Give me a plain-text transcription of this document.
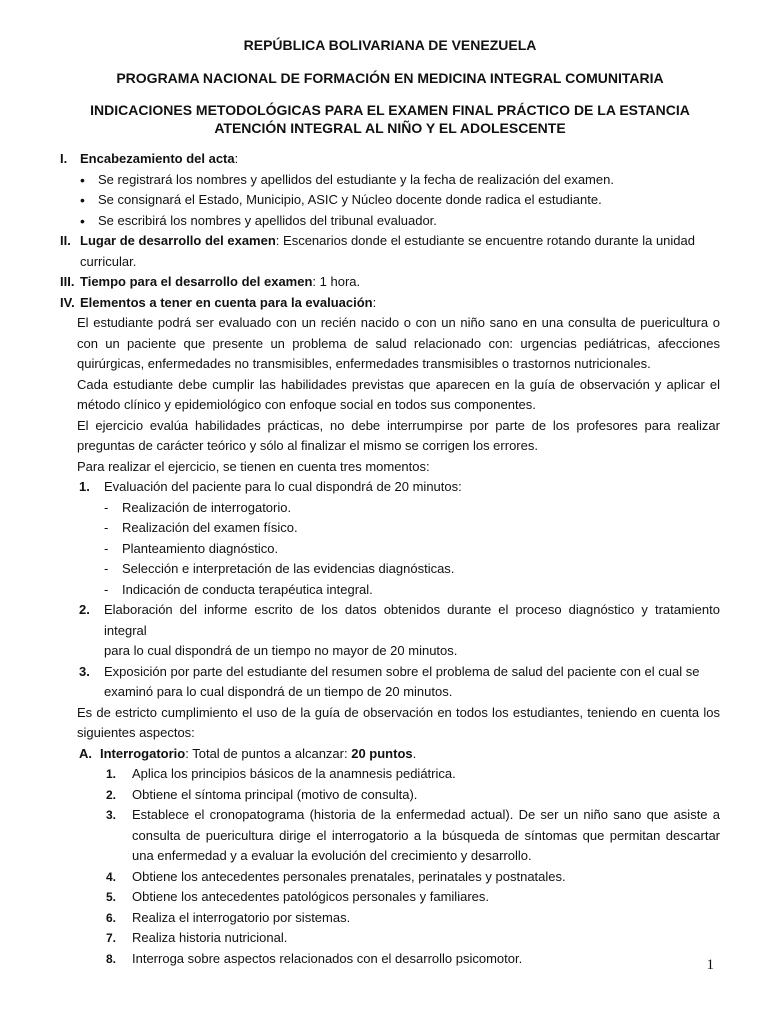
REPÚBLICA BOLIVARIANA DE VENEZUELA

PROGRAMA NACIONAL DE FORMACIÓN EN MEDICINA INTEGRAL COMUNITARIA

INDICACIONES METODOLÓGICAS PARA EL EXAMEN FINAL PRÁCTICO DE LA ESTANCIA

ATENCIÓN INTEGRAL AL NIÑO Y EL ADOLESCENTE

I. Encabezamiento del acta:
• Se registrará los nombres y apellidos del estudiante y la fecha de realización del examen.
• Se consignará el Estado, Municipio, ASIC y Núcleo docente donde radica el estudiante.
• Se escribirá los nombres y apellidos del tribunal evaluador.
II. Lugar de desarrollo del examen: Escenarios donde el estudiante se encuentre rotando durante la unidad curricular.
III. Tiempo para el desarrollo del examen: 1 hora.
IV. Elementos a tener en cuenta para la evaluación:
El estudiante podrá ser evaluado con un recién nacido o con un niño sano en una consulta de puericultura o con un paciente que presente un problema de salud relacionado con: urgencias pediátricas, afecciones quirúrgicas, enfermedades no transmisibles, enfermedades transmisibles o trastornos nutricionales.
Cada estudiante debe cumplir las habilidades previstas que aparecen en la guía de observación y aplicar el método clínico y epidemiológico con enfoque social en todos sus componentes.
El ejercicio evalúa habilidades prácticas, no debe interrumpirse por parte de los profesores para realizar preguntas de carácter teórico y sólo al finalizar el mismo se corrigen los errores.
Para realizar el ejercicio, se tienen en cuenta tres momentos:
1. Evaluación del paciente para lo cual dispondrá de 20 minutos:
- Realización de interrogatorio.
- Realización del examen físico.
- Planteamiento diagnóstico.
- Selección e interpretación de las evidencias diagnósticas.
- Indicación de conducta terapéutica integral.
2. Elaboración del informe escrito de los datos obtenidos durante el proceso diagnóstico y tratamiento integral
para lo cual dispondrá de un tiempo no mayor de 20 minutos.
3. Exposición por parte del estudiante del resumen sobre el problema de salud del paciente con el cual se
examinó para lo cual dispondrá de un tiempo de 20 minutos.
Es de estricto cumplimiento el uso de la guía de observación en todos los estudiantes, teniendo en cuenta los siguientes aspectos:
A. Interrogatorio: Total de puntos a alcanzar: 20 puntos.
1. Aplica los principios básicos de la anamnesis pediátrica.
2. Obtiene el síntoma principal (motivo de consulta).
3. Establece el cronopatograma (historia de la enfermedad actual). De ser un niño sano que asiste a consulta de puericultura dirige el interrogatorio a la búsqueda de síntomas que permitan descartar una enfermedad y a evaluar la evolución del crecimiento y desarrollo.
4. Obtiene los antecedentes personales prenatales, perinatales y postnatales.
5. Obtiene los antecedentes patológicos personales y familiares.
6. Realiza el interrogatorio por sistemas.
7. Realiza historia nutricional.
8. Interroga sobre aspectos relacionados con el desarrollo psicomotor.	1
